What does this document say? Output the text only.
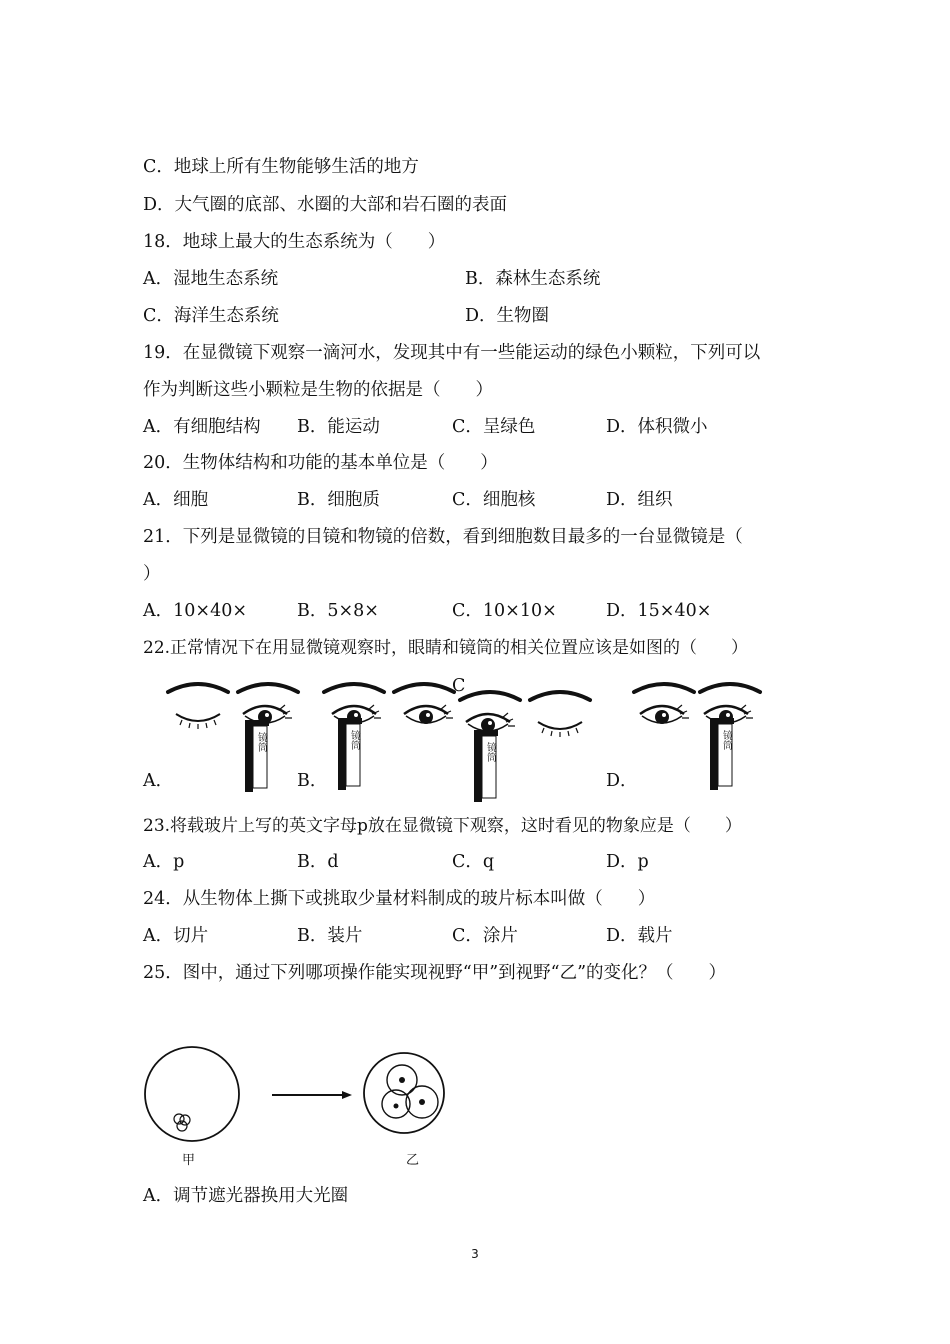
C．地球上所有生物能够生活的地方
D．大气圈的底部、水圈的大部和岩石圈的表面
18．地球上最大的生态系统为（　　）
A．湿地生态系统	B．森林生态系统
C．海洋生态系统	D．生物圈
19．在显微镜下观察一滴河水，发现其中有一些能运动的绿色小颗粒，下列可以
作为判断这些小颗粒是生物的依据是（　　）
A．有细胞结构 B．能运动	C．呈绿色	D．体积微小
20．生物体结构和功能的基本单位是（　　）
A．细胞	B．细胞质	C．细胞核	D．组织
21．下列是显微镜的目镜和物镜的倍数，看到细胞数目最多的一台显微镜是（
）
A．10×40×	B．5×8×	C．10×10×	D．15×40×
22.正常情况下在用显微镜观察时，眼睛和镜筒的相关位置应该是如图的（　　）
镜筒	镜筒
镜筒
镜筒
A．	B．
C
D．
23.将载玻片上写的英文字母p放在显微镜下观察，这时看见的物象应是（　　）
A．p	B．d	C．q	D．p
24．从生物体上撕下或挑取少量材料制成的玻片标本叫做（　　）
A．切片	B．装片	C．涂片	D．载片
25．图中，通过下列哪项操作能实现视野“甲”到视野“乙”的变化？（　　）
甲	乙
A．调节遮光器换用大光圈
3
